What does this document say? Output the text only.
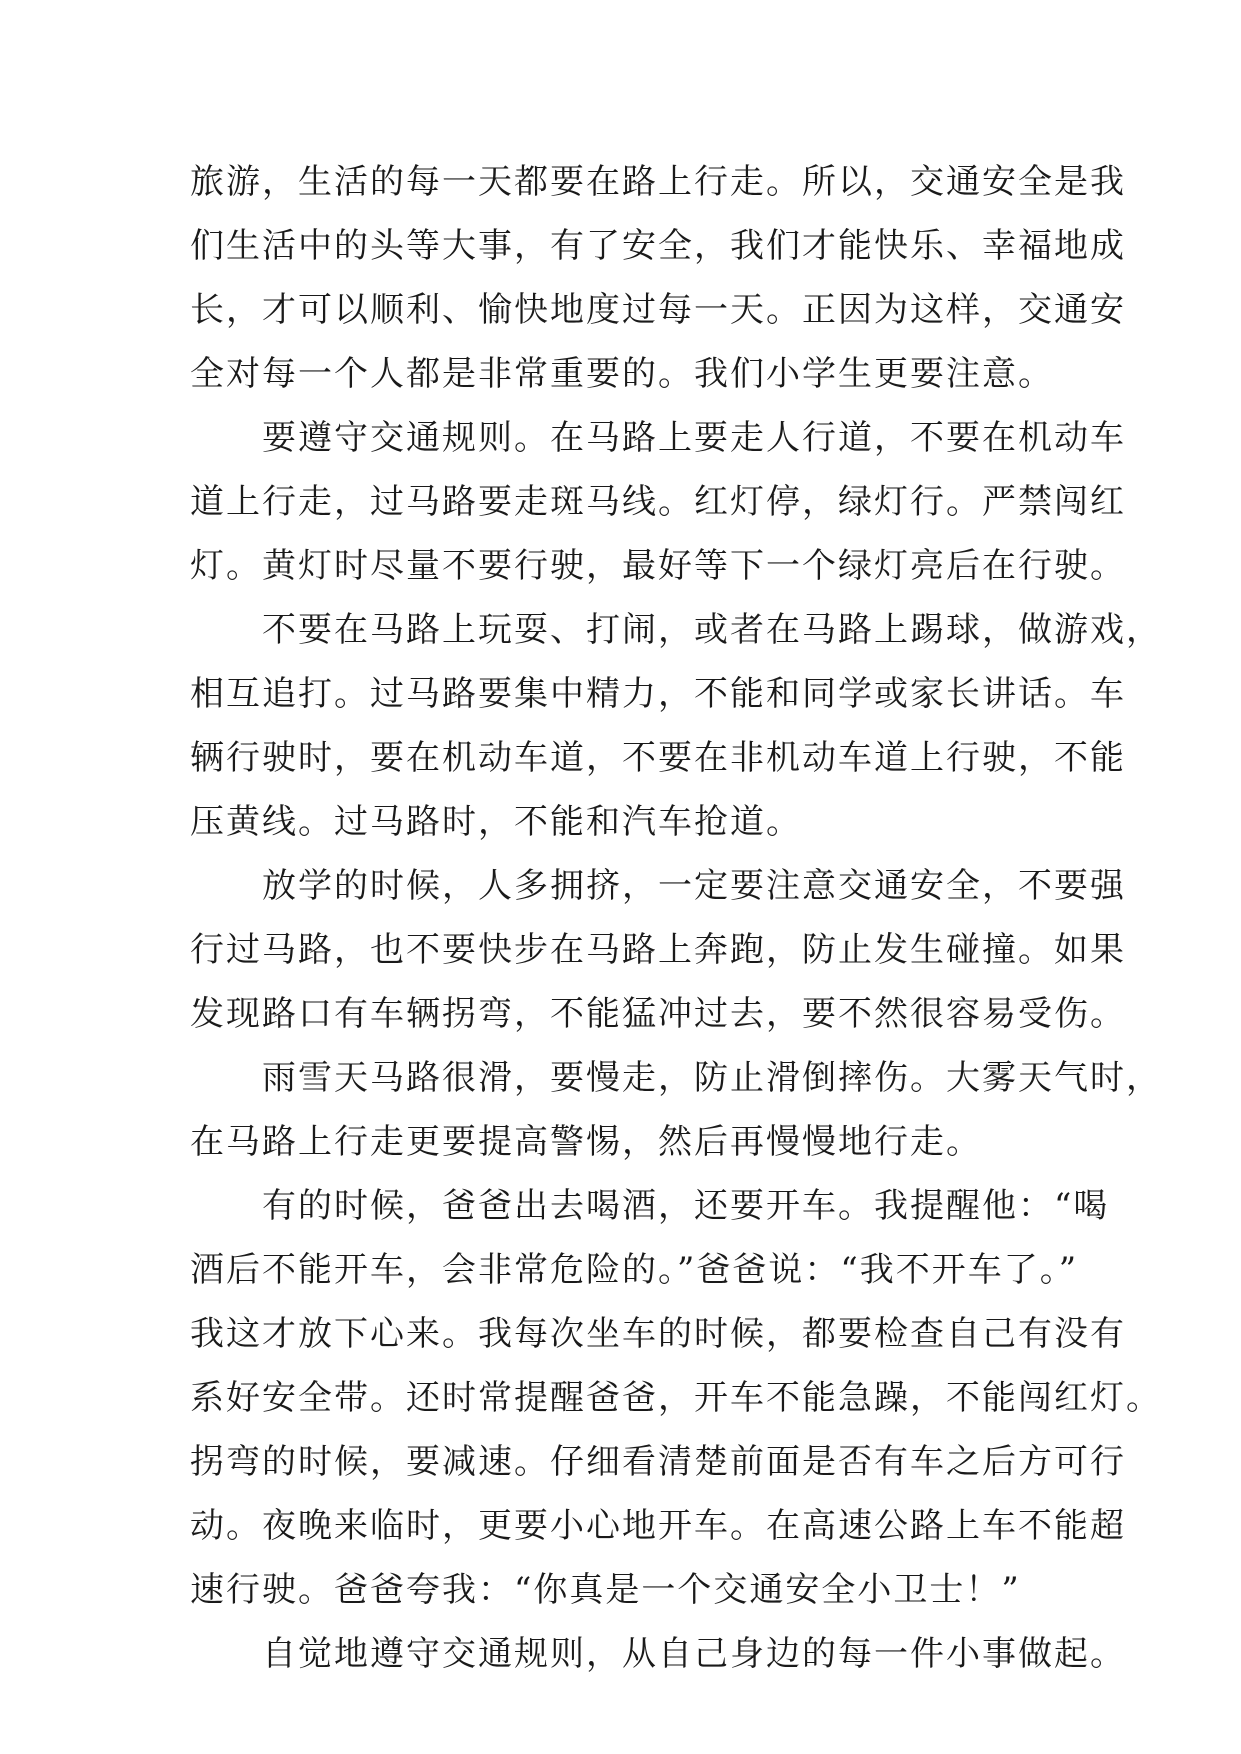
旅游，生活的每一天都要在路上行走。所以，交通安全是我
们生活中的头等大事，有了安全，我们才能快乐、幸福地成
长，才可以顺利、愉快地度过每一天。正因为这样，交通安
全对每一个人都是非常重要的。我们小学生更要注意。
要遵守交通规则。在马路上要走人行道，不要在机动车
道上行走，过马路要走斑马线。红灯停，绿灯行。严禁闯红
灯。黄灯时尽量不要行驶，最好等下一个绿灯亮后在行驶。
不要在马路上玩耍、打闹，或者在马路上踢球，做游戏，
相互追打。过马路要集中精力，不能和同学或家长讲话。车
辆行驶时，要在机动车道，不要在非机动车道上行驶，不能
压黄线。过马路时，不能和汽车抢道。
放学的时候，人多拥挤，一定要注意交通安全，不要强
行过马路，也不要快步在马路上奔跑，防止发生碰撞。如果
发现路口有车辆拐弯，不能猛冲过去，要不然很容易受伤。
雨雪天马路很滑，要慢走，防止滑倒摔伤。大雾天气时，
在马路上行走更要提高警惕，然后再慢慢地行走。
有的时候，爸爸出去喝酒，还要开车。我提醒他：“喝
酒后不能开车，会非常危险的。”爸爸说：“我不开车了。”
我这才放下心来。我每次坐车的时候，都要检查自己有没有
系好安全带。还时常提醒爸爸，开车不能急躁，不能闯红灯。
拐弯的时候，要减速。仔细看清楚前面是否有车之后方可行
动。夜晚来临时，更要小心地开车。在高速公路上车不能超
速行驶。爸爸夸我：“你真是一个交通安全小卫士！”
自觉地遵守交通规则，从自己身边的每一件小事做起。
